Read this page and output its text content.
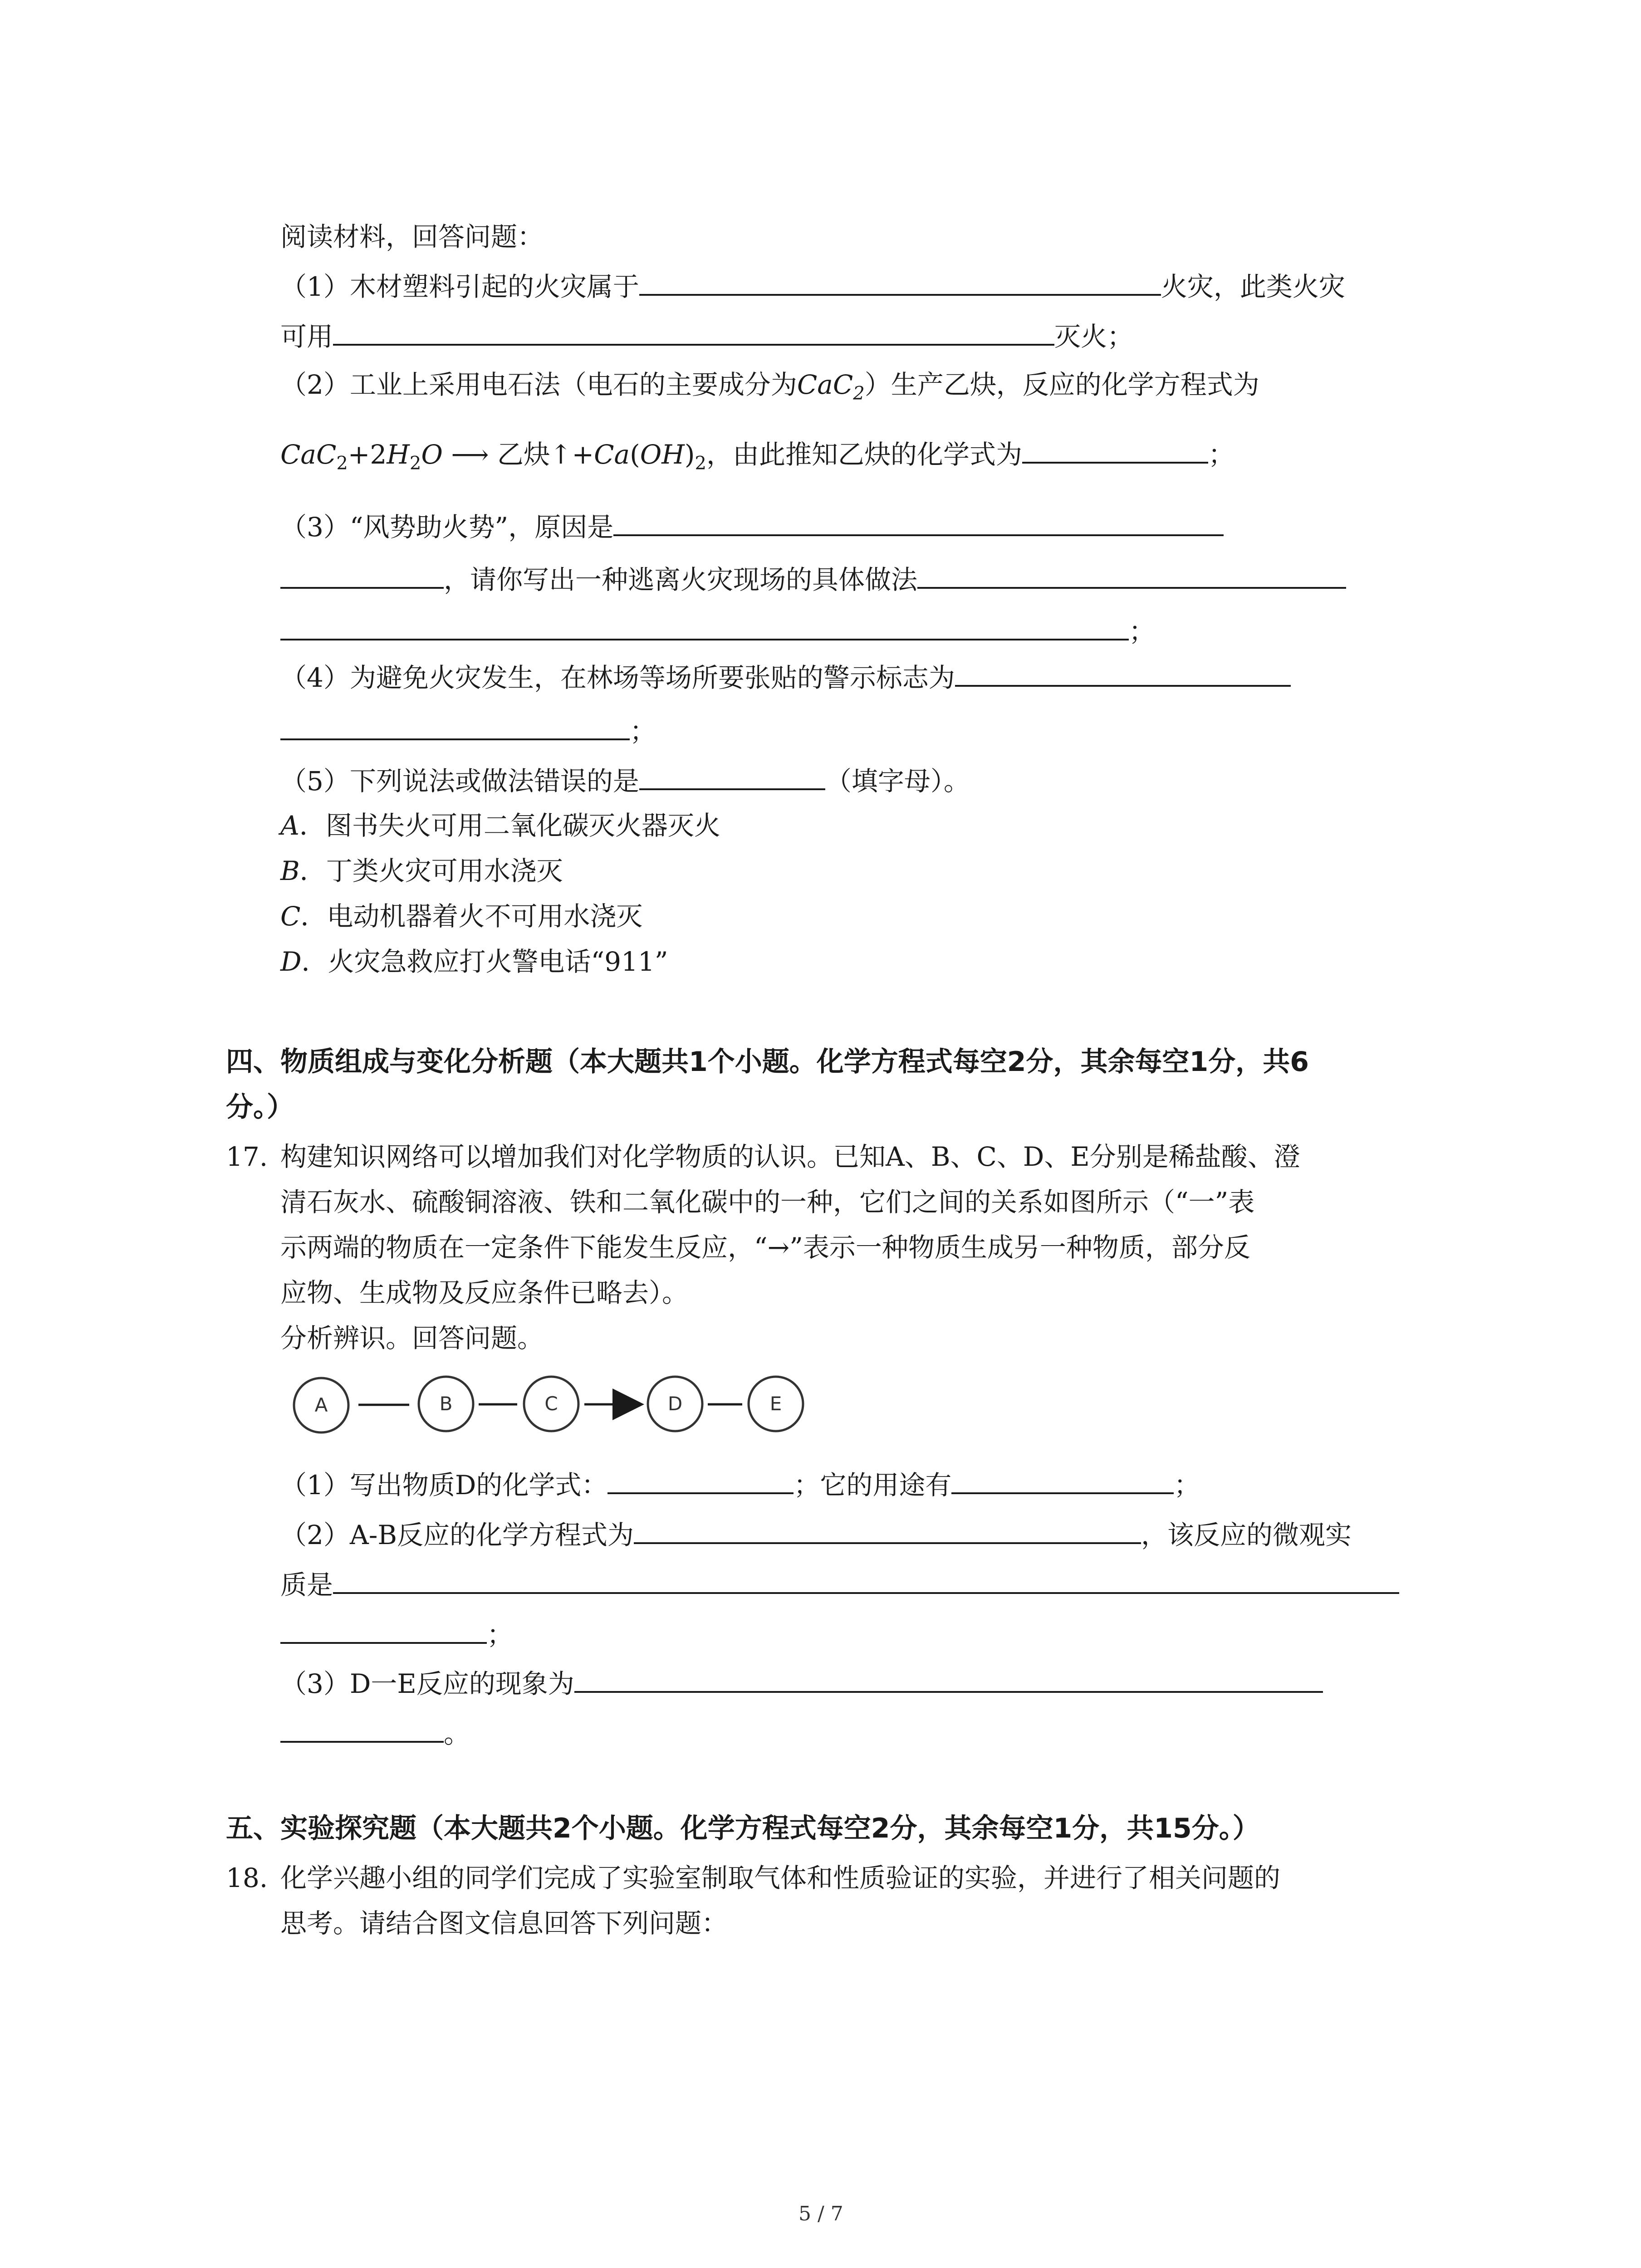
阅读材料，回答问题：
（1）木材塑料引起的火灾属于	火灾，此类火灾
可用	灭火；
（2）工业上采用电石法（电石的主要成分为CaC$_2$）生产乙炔，反应的化学方程式为
$CaC_2+2H_2O$ ⟶ 乙炔$↑+Ca(OH)_2$，由此推知乙炔的化学式为	；
（3）“风势助火势”，原因是
，请你写出一种逃离火灾现场的具体做法
；
（4）为避免火灾发生，在林场等场所要张贴的警示标志为
；
（5）下列说法或做法错误的是	（填字母）。
A．图书失火可用二氧化碳灭火器灭火
B．丁类火灾可用水浇灭
C．电动机器着火不可用水浇灭
D．火灾急救应打火警电话“911”
四、物质组成与变化分析题（本大题共1个小题。化学方程式每空2分，其余每空1分，共6
分。）
17. 构建知识网络可以增加我们对化学物质的认识。已知A、B、C、D、E分别是稀盐酸、澄
清石灰水、硫酸铜溶液、铁和二氧化碳中的一种，它们之间的关系如图所示（“一”表
示两端的物质在一定条件下能发生反应，“→”表示一种物质生成另一种物质，部分反
应物、生成物及反应条件已略去）。
分析辨识。回答问题。
A	B	C	D	E
（1）写出物质D的化学式：	；它的用途有	；
（2）A-B反应的化学方程式为	，该反应的微观实
质是
；
（3）D一E反应的现象为
。
五、实验探究题（本大题共2个小题。化学方程式每空2分，其余每空1分，共15分。）
18. 化学兴趣小组的同学们完成了实验室制取气体和性质验证的实验，并进行了相关问题的
思考。请结合图文信息回答下列问题：
5 / 7
